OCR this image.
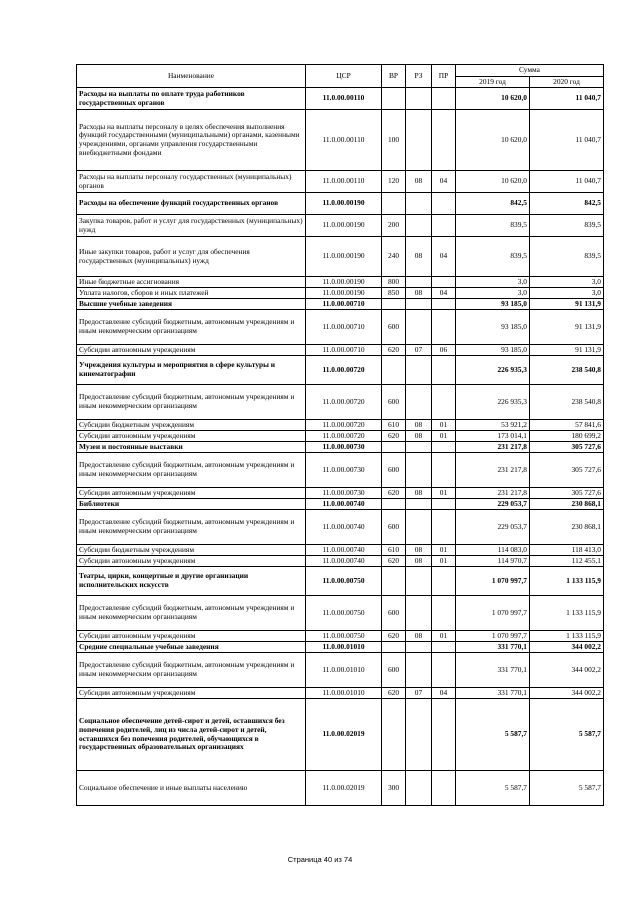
Наименование	ЦСР	ВР	РЗ	ПР	Сумма	
					2019 год	2020 год
Расходы на выплаты по оплате труда работников государственных органов	11.0.00.00110				10 620,0	11 040,7
Расходы на выплаты персоналу в целях обеспечения выполнения функций государственными (муниципальными) органами, казенными учреждениями, органами управления государственными внебюджетными фондами	11.0.00.00110	100			10 620,0	11 040,7
Расходы на выплаты персоналу государственных (муниципальных) органов	11.0.00.00110	120	08	04	10 620,0	11 040,7
Расходы на обеспечение функций государственных органов	11.0.00.00190				842,5	842,5
Закупка товаров, работ и услуг для государственных (муниципальных) нужд	11.0.00.00190	200			839,5	839,5
Иные закупки товаров, работ и услуг для обеспечения государственных (муниципальных) нужд	11.0.00.00190	240	08	04	839,5	839,5
Иные бюджетные ассигнования	11.0.00.00190	800			3,0	3,0
Уплата налогов, сборов и иных платежей	11.0.00.00190	850	08	04	3,0	3,0
Высшие учебные заведения	11.0.00.00710				93 185,0	91 131,9
Предоставление субсидий бюджетным, автономным учреждениям и иным некоммерческим организациям	11.0.00.00710	600			93 185,0	91 131,9
Субсидии автономным учреждениям	11.0.00.00710	620	07	06	93 185,0	91 131,9
Учреждения культуры и мероприятия в сфере культуры и кинематографии	11.0.00.00720				226 935,3	238 540,8
Предоставление субсидий бюджетным, автономным учреждениям и иным некоммерческим организациям	11.0.00.00720	600			226 935,3	238 540,8
Субсидии бюджетным учреждениям	11.0.00.00720	610	08	01	53 921,2	57 841,6
Субсидии автономным учреждениям	11.0.00.00720	620	08	01	173 014,1	180 699,2
Музеи и постоянные выставки	11.0.00.00730				231 217,8	305 727,6
Предоставление субсидий бюджетным, автономным учреждениям и иным некоммерческим организациям	11.0.00.00730	600			231 217,8	305 727,6
Субсидии автономным учреждениям	11.0.00.00730	620	08	01	231 217,8	305 727,6
Библиотеки	11.0.00.00740				229 053,7	230 868,1
Предоставление субсидий бюджетным, автономным учреждениям и иным некоммерческим организациям	11.0.00.00740	600			229 053,7	230 868,1
Субсидии бюджетным учреждениям	11.0.00.00740	610	08	01	114 083,0	118 413,0
Субсидии автономным учреждениям	11.0.00.00740	620	08	01	114 970,7	112 455,1
Театры, цирки, концертные и другие организации исполнительских искусств	11.0.00.00750				1 070 997,7	1 133 115,9
Предоставление субсидий бюджетным, автономным учреждениям и иным некоммерческим организациям	11.0.00.00750	600			1 070 997,7	1 133 115,9
Субсидии автономным учреждениям	11.0.00.00750	620	08	01	1 070 997,7	1 133 115,9
Средние специальные учебные заведения	11.0.00.01010				331 770,1	344 002,2
Предоставление субсидий бюджетным, автономным учреждениям и иным некоммерческим организациям	11.0.00.01010	600			331 770,1	344 002,2
Субсидии автономным учреждениям	11.0.00.01010	620	07	04	331 770,1	344 002,2
Социальное обеспечение детей-сирот и детей, оставшихся без попечения родителей, лиц из числа детей-сирот и детей, оставшихся без попечения родителей, обучающихся в государственных образовательных организациях	11.0.00.02019				5 587,7	5 587,7
Социальное обеспечение и иные выплаты населению	11.0.00.02019	300			5 587,7	5 587,7
Страница 40 из 74
